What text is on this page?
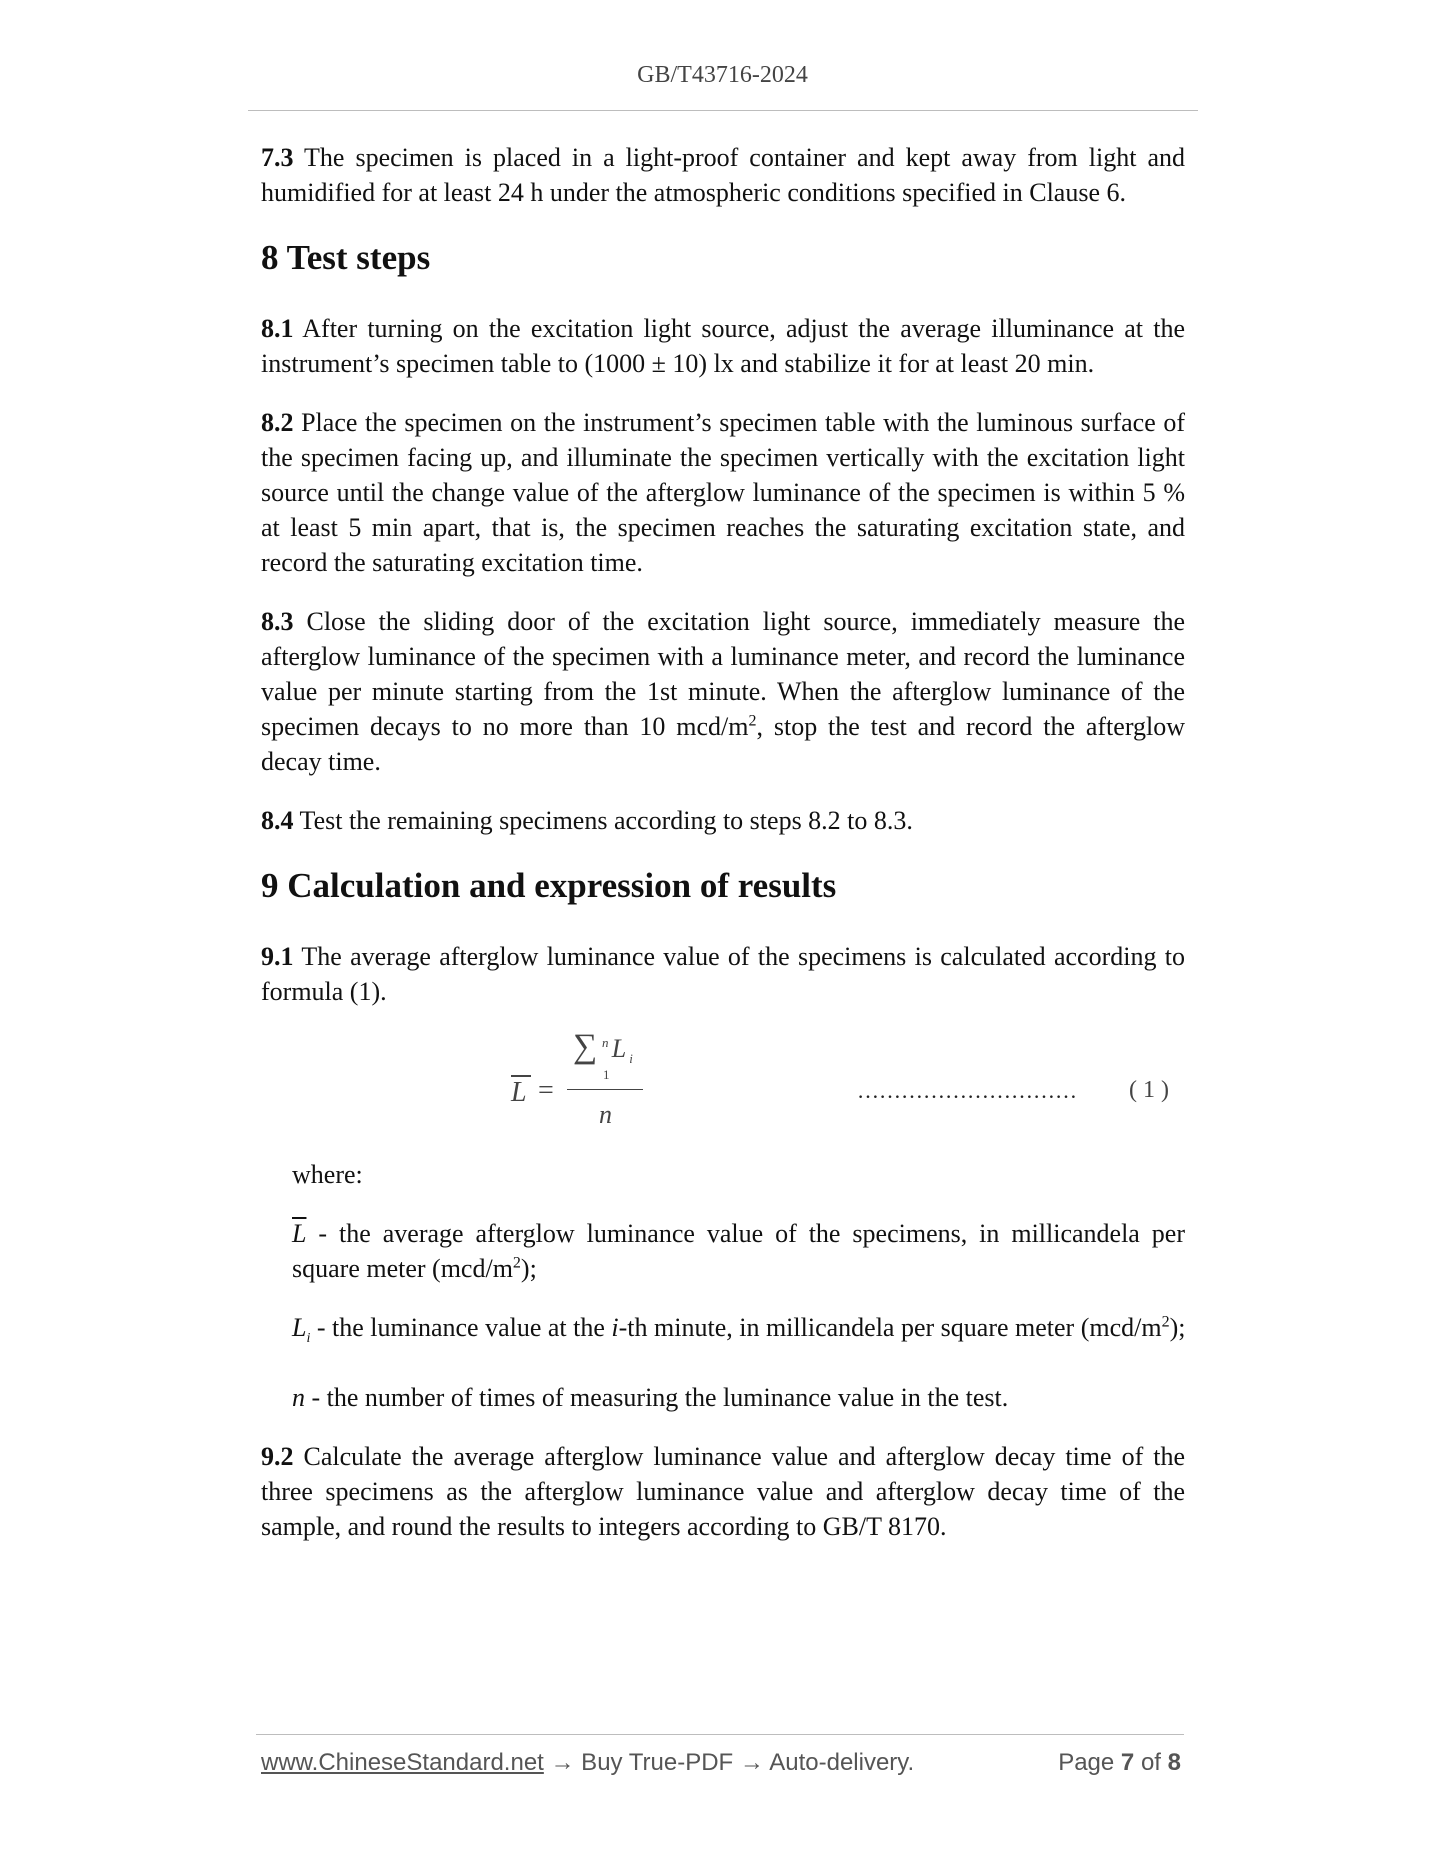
GB/T43716-2024

7.3 The specimen is placed in a light-proof container and kept away from light and humidified for at least 24 h under the atmospheric conditions specified in Clause 6.

8 Test steps

8.1 After turning on the excitation light source, adjust the average illuminance at the instrument’s specimen table to (1000 ± 10) lx and stabilize it for at least 20 min.

8.2 Place the specimen on the instrument’s specimen table with the luminous surface of the specimen facing up, and illuminate the specimen vertically with the excitation light source until the change value of the afterglow luminance of the specimen is within 5 % at least 5 min apart, that is, the specimen reaches the saturating excitation state, and record the saturating excitation time.

8.3 Close the sliding door of the excitation light source, immediately measure the afterglow luminance of the specimen with a luminance meter, and record the luminance value per minute starting from the 1st minute. When the afterglow luminance of the specimen decays to no more than 10 mcd/$m^2$, stop the test and record the afterglow decay time.

8.4 Test the remaining specimens according to steps 8.2 to 8.3.

9 Calculation and expression of results

9.1 The average afterglow luminance value of the specimens is calculated according to formula (1).

L =
∑ n
1
L $_i$
n
………………………… ( 1 )

where:

$\overline{L}$ - the average afterglow luminance value of the specimens, in millicandela per square meter $(mcd/m^2)$;

$L_i$ - the luminance value at the i-th minute, in millicandela per square meter $(mcd/m^2)$;

n - the number of times of measuring the luminance value in the test.

9.2 Calculate the average afterglow luminance value and afterglow decay time of the three specimens as the afterglow luminance value and afterglow decay time of the sample, and round the results to integers according to GB/T 8170.

www.ChineseStandard.net → Buy True-PDF → Auto-delivery.	Page 7 of 8
